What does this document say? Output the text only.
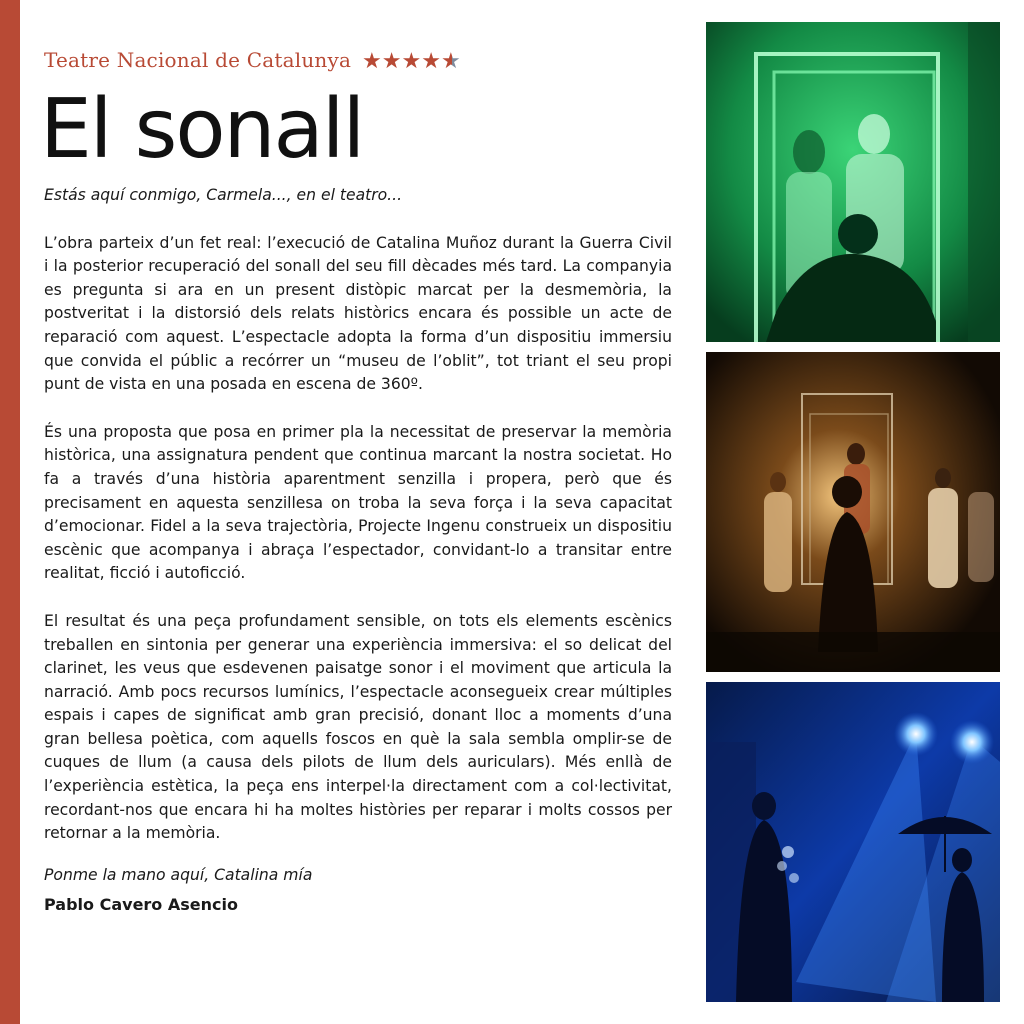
Teatre Nacional de Catalunya ★★★★★
El sonall

Estás aquí conmigo, Carmela..., en el teatro...

L’obra parteix d’un fet real: l’execució de Catalina Muñoz durant la Guerra Civil i la posterior recuperació del sonall del seu fill dècades més tard. La companyia es pregunta si ara en un present distòpic marcat per la desmemòria, la postveritat i la distorsió dels relats històrics encara és possible un acte de reparació com aquest. L’espectacle adopta la forma d’un dispositiu immersiu que convida el públic a recórrer un “museu de l’oblit”, tot triant el seu propi punt de vista en una posada en escena de 360º.

És una proposta que posa en primer pla la necessitat de preservar la memòria històrica, una assignatura pendent que continua marcant la nostra societat. Ho fa a través d’una història aparentment senzilla i propera, però que és precisament en aquesta senzillesa on troba la seva força i la seva capacitat d’emocionar. Fidel a la seva trajectòria, Projecte Ingenu construeix un dispositiu escènic que acompanya i abraça l’espectador, convidant-lo a transitar entre realitat, ficció i autoficció.

El resultat és una peça profundament sensible, on tots els elements escènics treballen en sintonia per generar una experiència immersiva: el so delicat del clarinet, les veus que esdevenen paisatge sonor i el moviment que articula la narració. Amb pocs recursos lumínics, l’espectacle aconsegueix crear múltiples espais i capes de significat amb gran precisió, donant lloc a moments d’una gran bellesa poètica, com aquells foscos en què la sala sembla omplir-se de cuques de llum (a causa dels pilots de llum dels auriculars). Més enllà de l’experiència estètica, la peça ens interpel·la directament com a col·lectivitat, recordant-nos que encara hi ha moltes històries per reparar i molts cossos per retornar a la memòria.

Ponme la mano aquí, Catalina mía

Pablo Cavero Asencio
